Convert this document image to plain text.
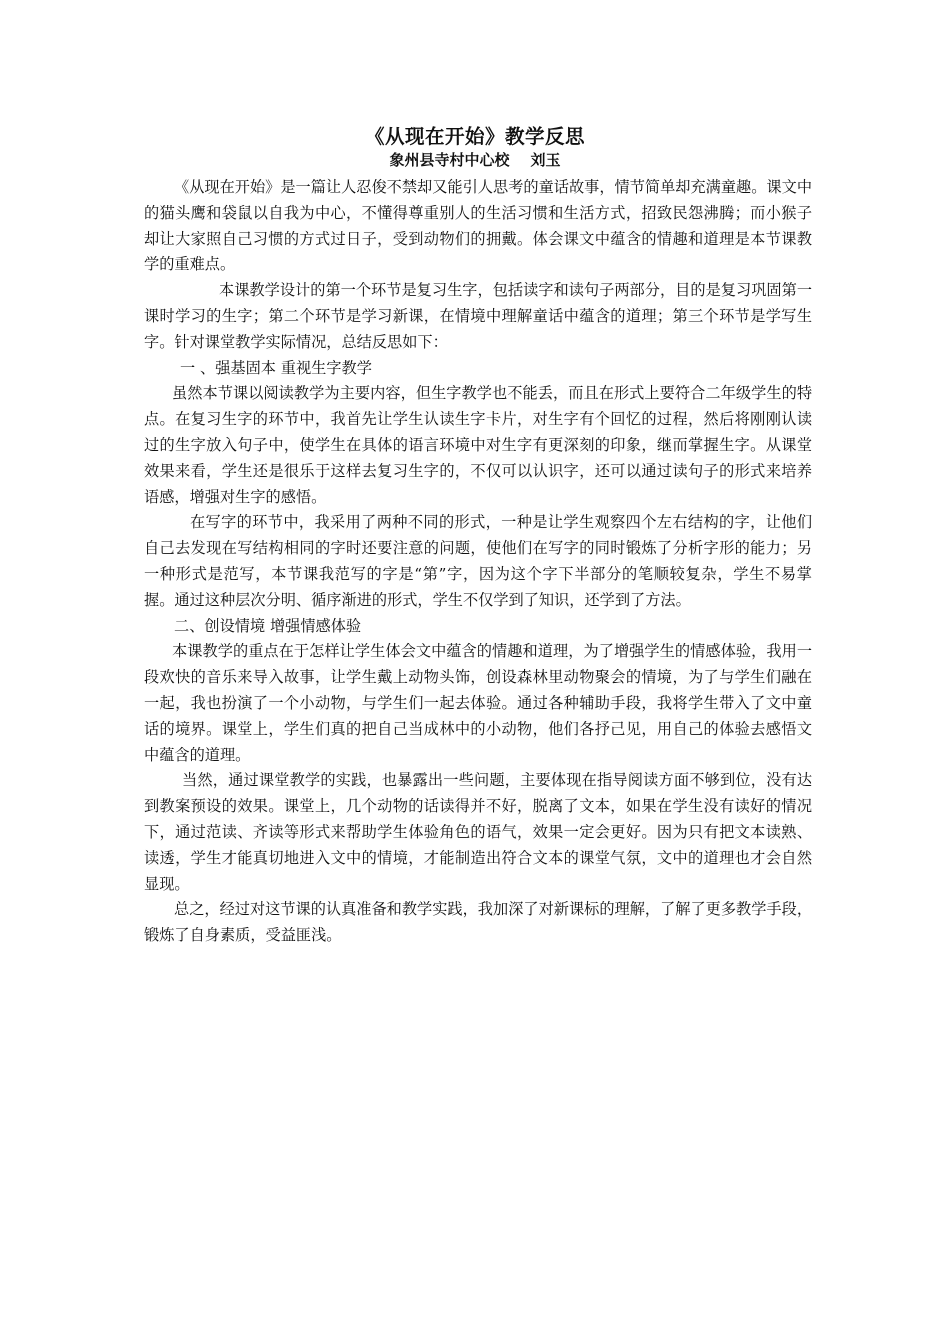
《从现在开始》教学反思
象州县寺村中心校 刘玉

《从现在开始》是一篇让人忍俊不禁却又能引人思考的童话故事，情节简单却充满童趣。课文中的猫头鹰和袋鼠以自我为中心，不懂得尊重别人的生活习惯和生活方式，招致民怨沸腾；而小猴子却让大家照自己习惯的方式过日子，受到动物们的拥戴。体会课文中蕴含的情趣和道理是本节课教学的重难点。

本课教学设计的第一个环节是复习生字，包括读字和读句子两部分，目的是复习巩固第一课时学习的生字；第二个环节是学习新课，在情境中理解童话中蕴含的道理；第三个环节是学写生字。针对课堂教学实际情况，总结反思如下：

一 、强基固本 重视生字教学

虽然本节课以阅读教学为主要内容，但生字教学也不能丢，而且在形式上要符合二年级学生的特点。在复习生字的环节中，我首先让学生认读生字卡片，对生字有个回忆的过程，然后将刚刚认读过的生字放入句子中，使学生在具体的语言环境中对生字有更深刻的印象，继而掌握生字。从课堂效果来看，学生还是很乐于这样去复习生字的，不仅可以认识字，还可以通过读句子的形式来培养语感，增强对生字的感悟。

在写字的环节中，我采用了两种不同的形式，一种是让学生观察四个左右结构的字，让他们自己去发现在写结构相同的字时还要注意的问题，使他们在写字的同时锻炼了分析字形的能力；另一种形式是范写，本节课我范写的字是“第”字，因为这个字下半部分的笔顺较复杂，学生不易掌握。通过这种层次分明、循序渐进的形式，学生不仅学到了知识，还学到了方法。

二、创设情境 增强情感体验

本课教学的重点在于怎样让学生体会文中蕴含的情趣和道理，为了增强学生的情感体验，我用一段欢快的音乐来导入故事，让学生戴上动物头饰，创设森林里动物聚会的情境，为了与学生们融在一起，我也扮演了一个小动物，与学生们一起去体验。通过各种辅助手段，我将学生带入了文中童话的境界。课堂上，学生们真的把自己当成林中的小动物，他们各抒己见，用自己的体验去感悟文中蕴含的道理。

当然，通过课堂教学的实践，也暴露出一些问题，主要体现在指导阅读方面不够到位，没有达到教案预设的效果。课堂上，几个动物的话读得并不好，脱离了文本，如果在学生没有读好的情况下，通过范读、齐读等形式来帮助学生体验角色的语气，效果一定会更好。因为只有把文本读熟、读透，学生才能真切地进入文中的情境，才能制造出符合文本的课堂气氛，文中的道理也才会自然显现。

总之，经过对这节课的认真准备和教学实践，我加深了对新课标的理解，了解了更多教学手段，锻炼了自身素质，受益匪浅。
